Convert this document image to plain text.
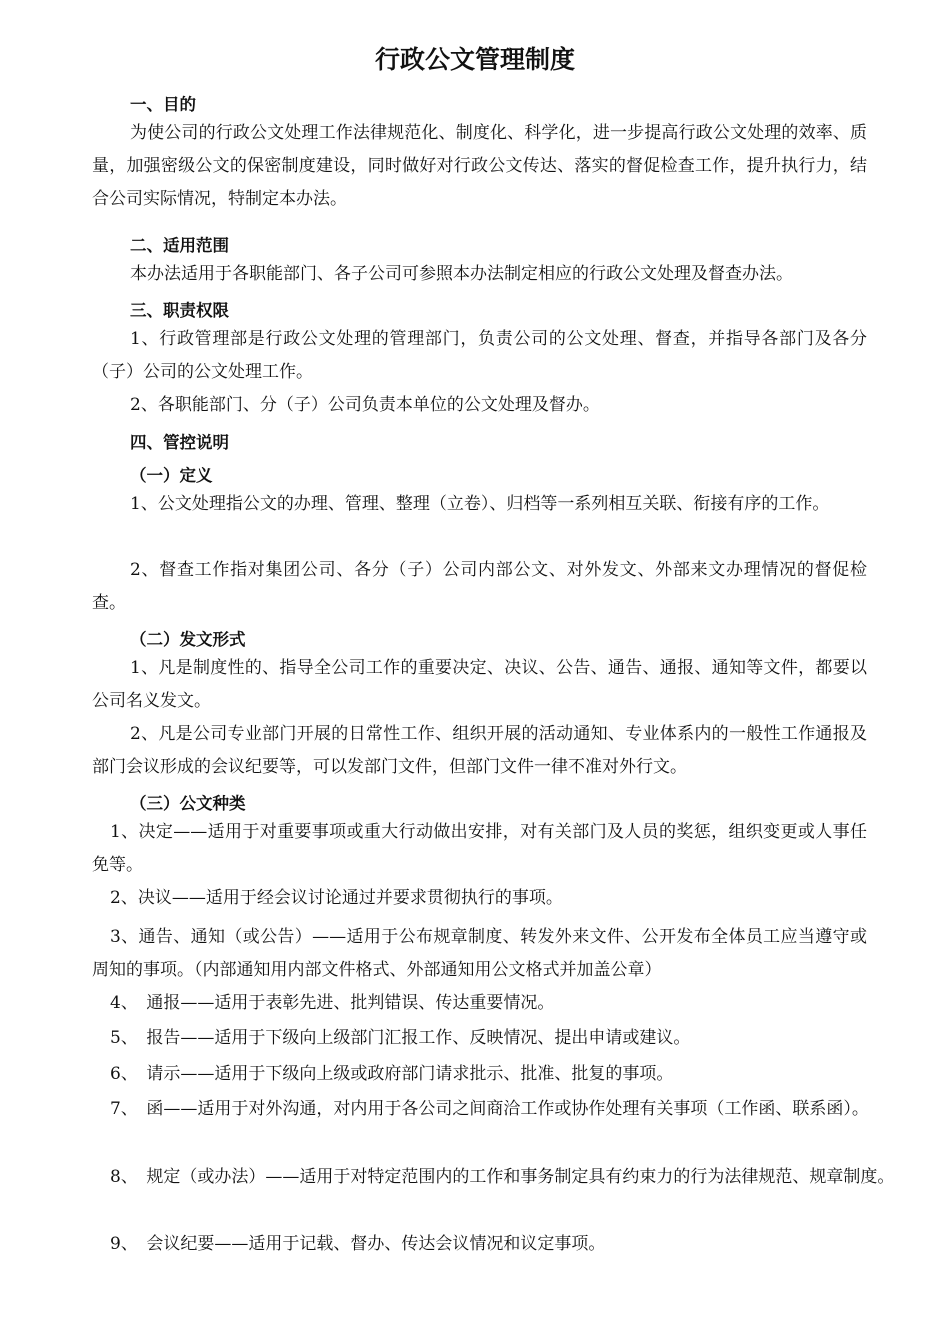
行政公文管理制度
一、目的
为使公司的行政公文处理工作法律规范化、制度化、科学化，进一步提高行政公文处理的效率、质量，加强密级公文的保密制度建设，同时做好对行政公文传达、落实的督促检查工作，提升执行力，结合公司实际情况，特制定本办法。
二、适用范围
本办法适用于各职能部门、各子公司可参照本办法制定相应的行政公文处理及督查办法。
三、职责权限
1、行政管理部是行政公文处理的管理部门，负责公司的公文处理、督查，并指导各部门及各分（子）公司的公文处理工作。
2、各职能部门、分（子）公司负责本单位的公文处理及督办。
四、管控说明
（一）定义
1、公文处理指公文的办理、管理、整理（立卷）、归档等一系列相互关联、衔接有序的工作。
2、督查工作指对集团公司、各分（子）公司内部公文、对外发文、外部来文办理情况的督促检查。
（二）发文形式
1、凡是制度性的、指导全公司工作的重要决定、决议、公告、通告、通报、通知等文件，都要以公司名义发文。
2、凡是公司专业部门开展的日常性工作、组织开展的活动通知、专业体系内的一般性工作通报及部门会议形成的会议纪要等，可以发部门文件，但部门文件一律不准对外行文。
（三）公文种类
1、决定——适用于对重要事项或重大行动做出安排，对有关部门及人员的奖惩，组织变更或人事任免等。
2、决议——适用于经会议讨论通过并要求贯彻执行的事项。
3、通告、通知（或公告）——适用于公布规章制度、转发外来文件、公开发布全体员工应当遵守或周知的事项。（内部通知用内部文件格式、外部通知用公文格式并加盖公章）
4、　通报——适用于表彰先进、批判错误、传达重要情况。
5、　报告——适用于下级向上级部门汇报工作、反映情况、提出申请或建议。
6、　请示——适用于下级向上级或政府部门请求批示、批准、批复的事项。
7、　函——适用于对外沟通，对内用于各公司之间商洽工作或协作处理有关事项（工作函、联系函）。
8、　规定（或办法）——适用于对特定范围内的工作和事务制定具有约束力的行为法律规范、规章制度。
9、　会议纪要——适用于记载、督办、传达会议情况和议定事项。
